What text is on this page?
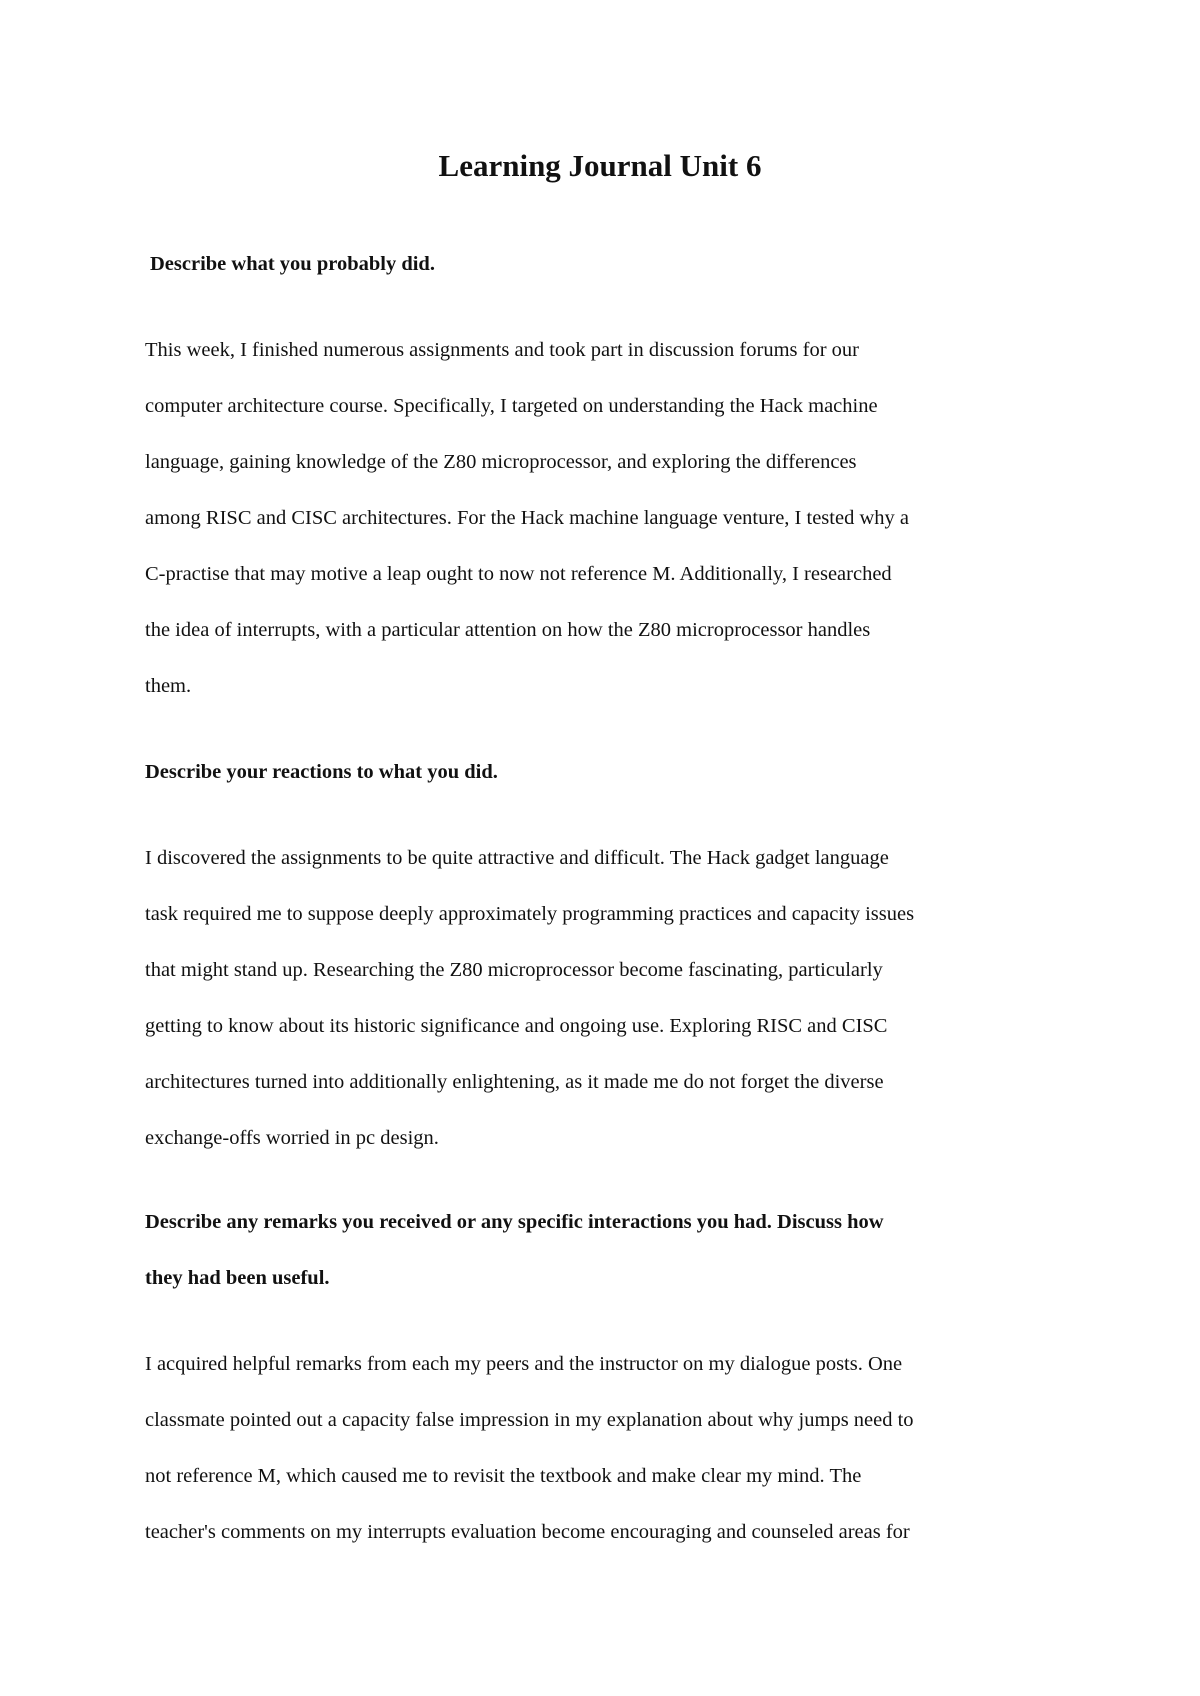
Learning Journal Unit 6
Describe what you probably did.
This week, I finished numerous assignments and took part in discussion forums for our
computer architecture course. Specifically, I targeted on understanding the Hack machine
language, gaining knowledge of the Z80 microprocessor, and exploring the differences
among RISC and CISC architectures. For the Hack machine language venture, I tested why a
C-practise that may motive a leap ought to now not reference M. Additionally, I researched
the idea of interrupts, with a particular attention on how the Z80 microprocessor handles
them.
Describe your reactions to what you did.
I discovered the assignments to be quite attractive and difficult. The Hack gadget language
task required me to suppose deeply approximately programming practices and capacity issues
that might stand up. Researching the Z80 microprocessor become fascinating, particularly
getting to know about its historic significance and ongoing use. Exploring RISC and CISC
architectures turned into additionally enlightening, as it made me do not forget the diverse
exchange-offs worried in pc design.
Describe any remarks you received or any specific interactions you had. Discuss how
they had been useful.
I acquired helpful remarks from each my peers and the instructor on my dialogue posts. One
classmate pointed out a capacity false impression in my explanation about why jumps need to
not reference M, which caused me to revisit the textbook and make clear my mind. The
teacher's comments on my interrupts evaluation become encouraging and counseled areas for
